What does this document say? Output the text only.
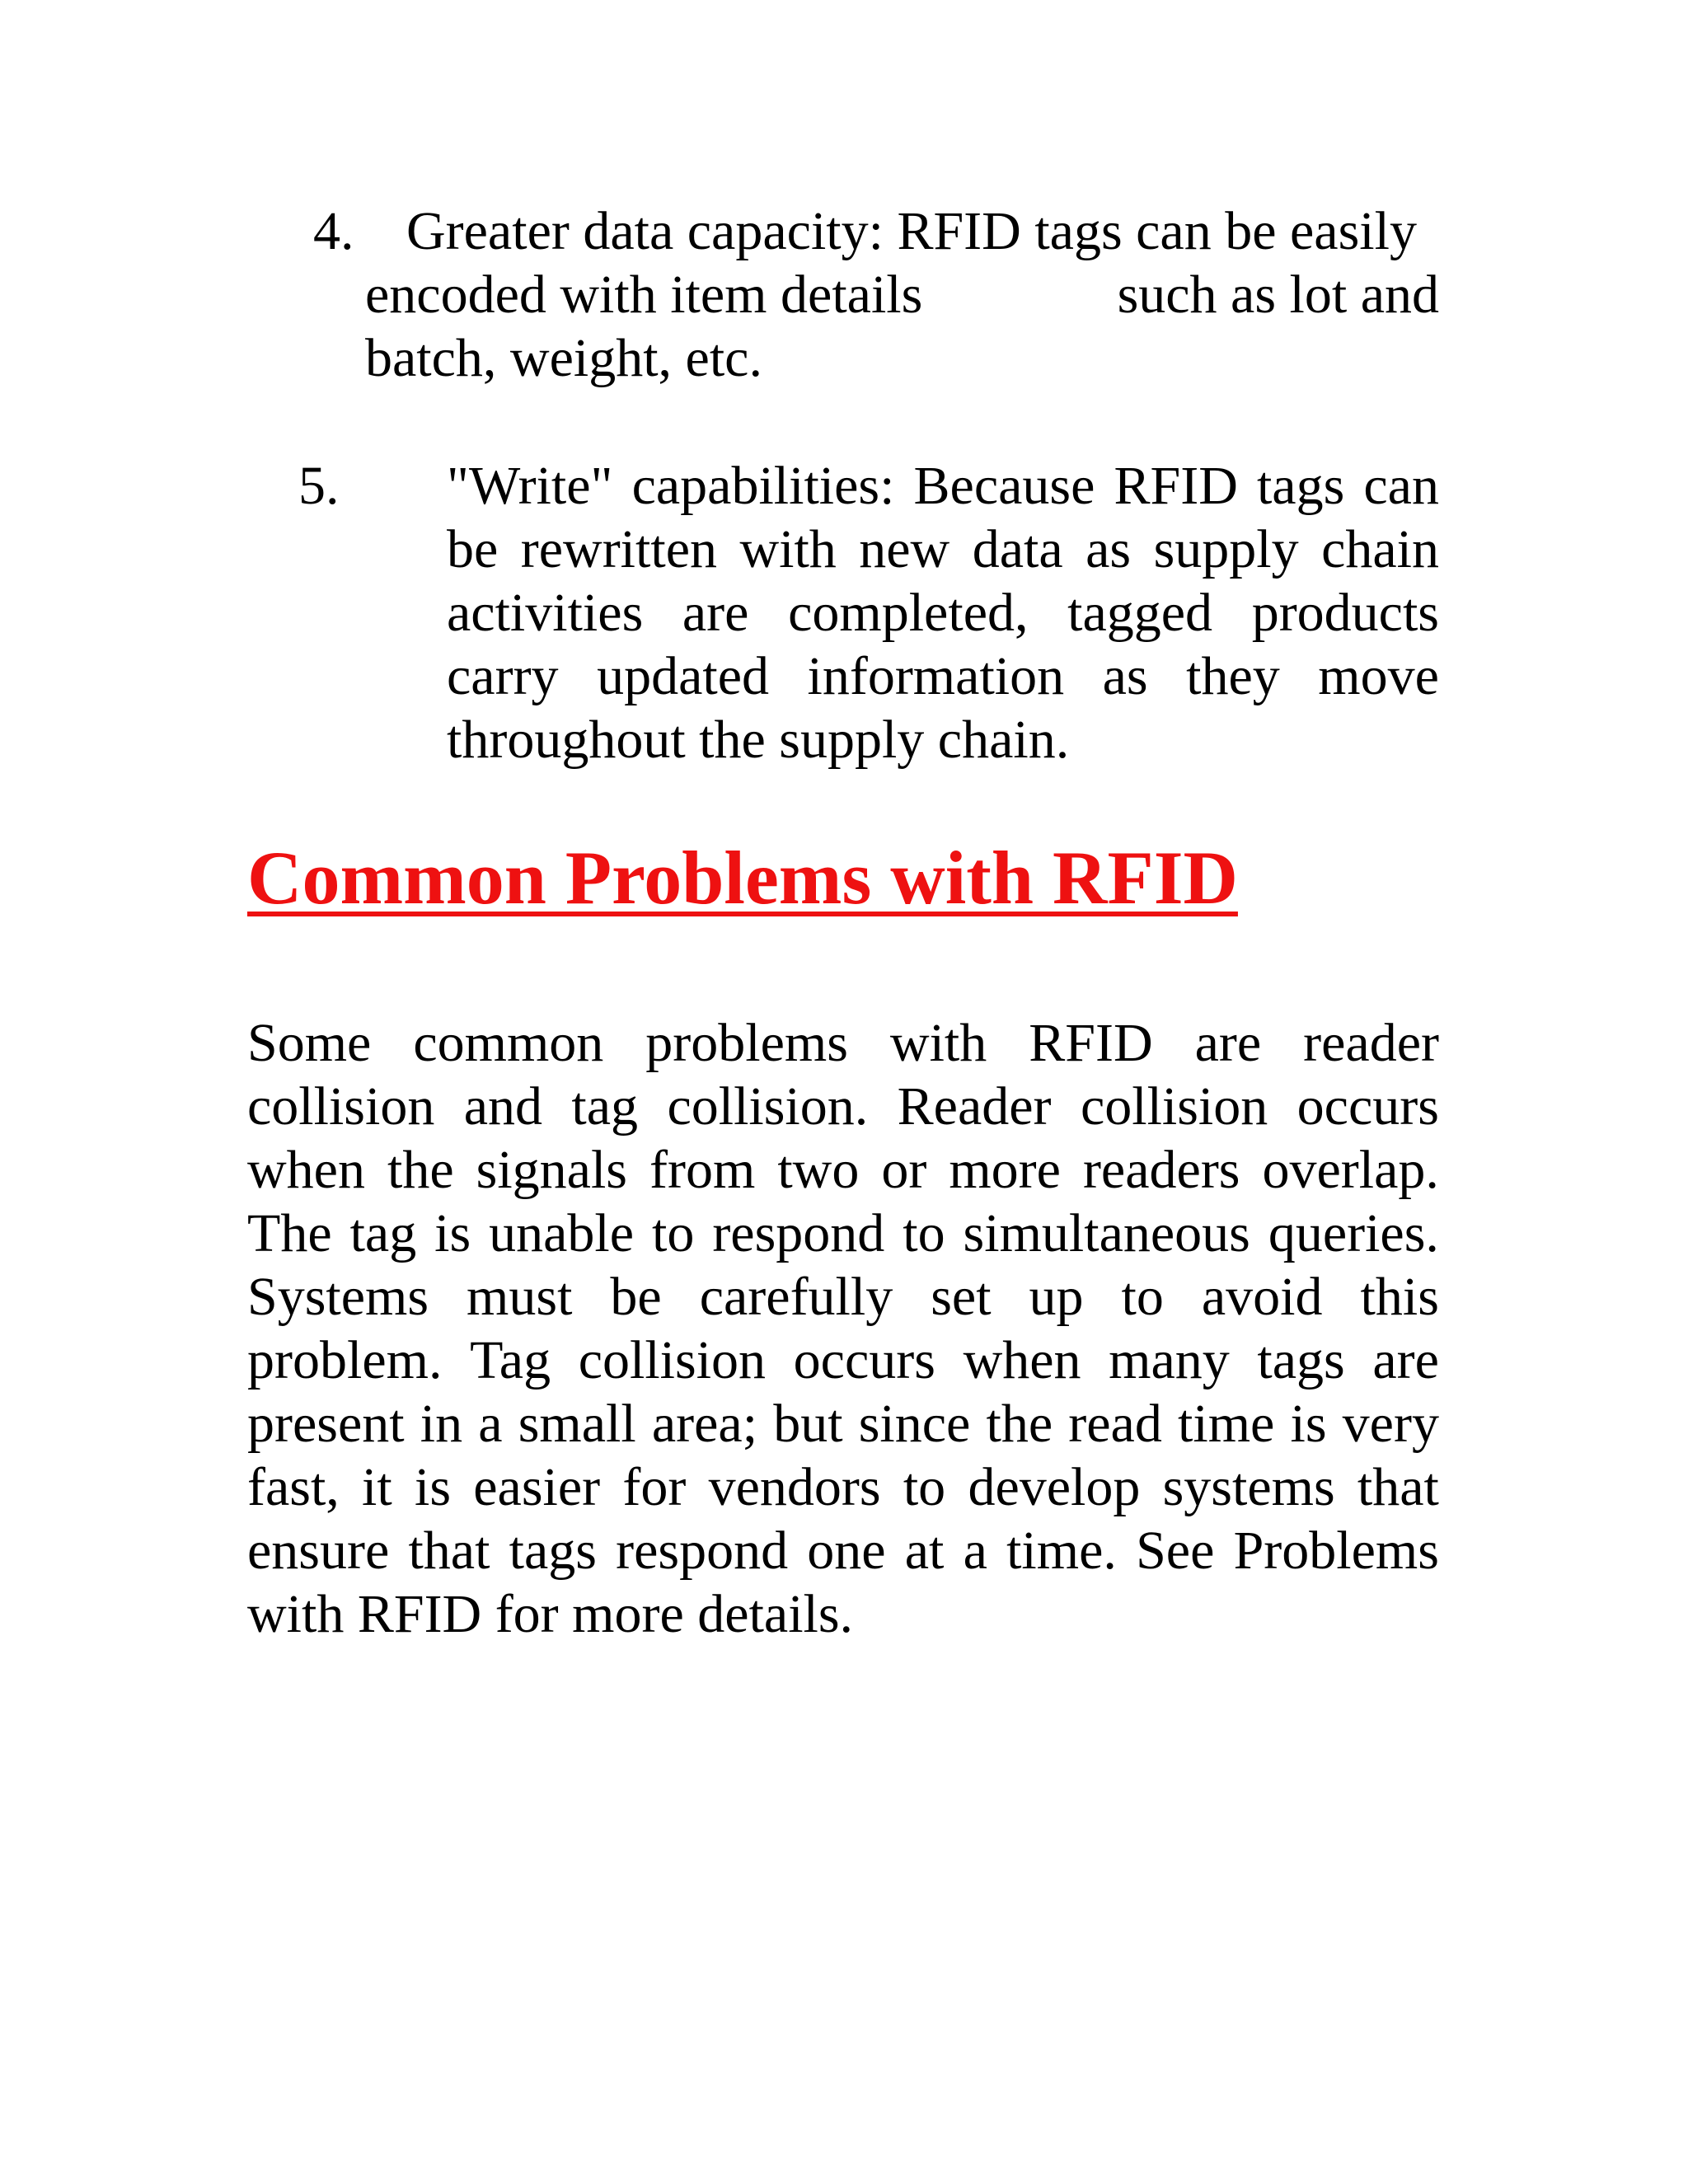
4. Greater data capacity: RFID tags can be easily
encoded with item details	such as lot and
batch, weight, etc.
5. "Write" capabilities: Because RFID tags can
be rewritten with new data as supply chain
activities are completed, tagged products
carry updated information as they move
throughout the supply chain.
Common Problems with RFID
Some common problems with RFID are reader
collision and tag collision. Reader collision occurs
when the signals from two or more readers overlap.
The tag is unable to respond to simultaneous queries.
Systems must be carefully set up to avoid this
problem. Tag collision occurs when many tags are
present in a small area; but since the read time is very
fast, it is easier for vendors to develop systems that
ensure that tags respond one at a time. See Problems
with RFID for more details.
